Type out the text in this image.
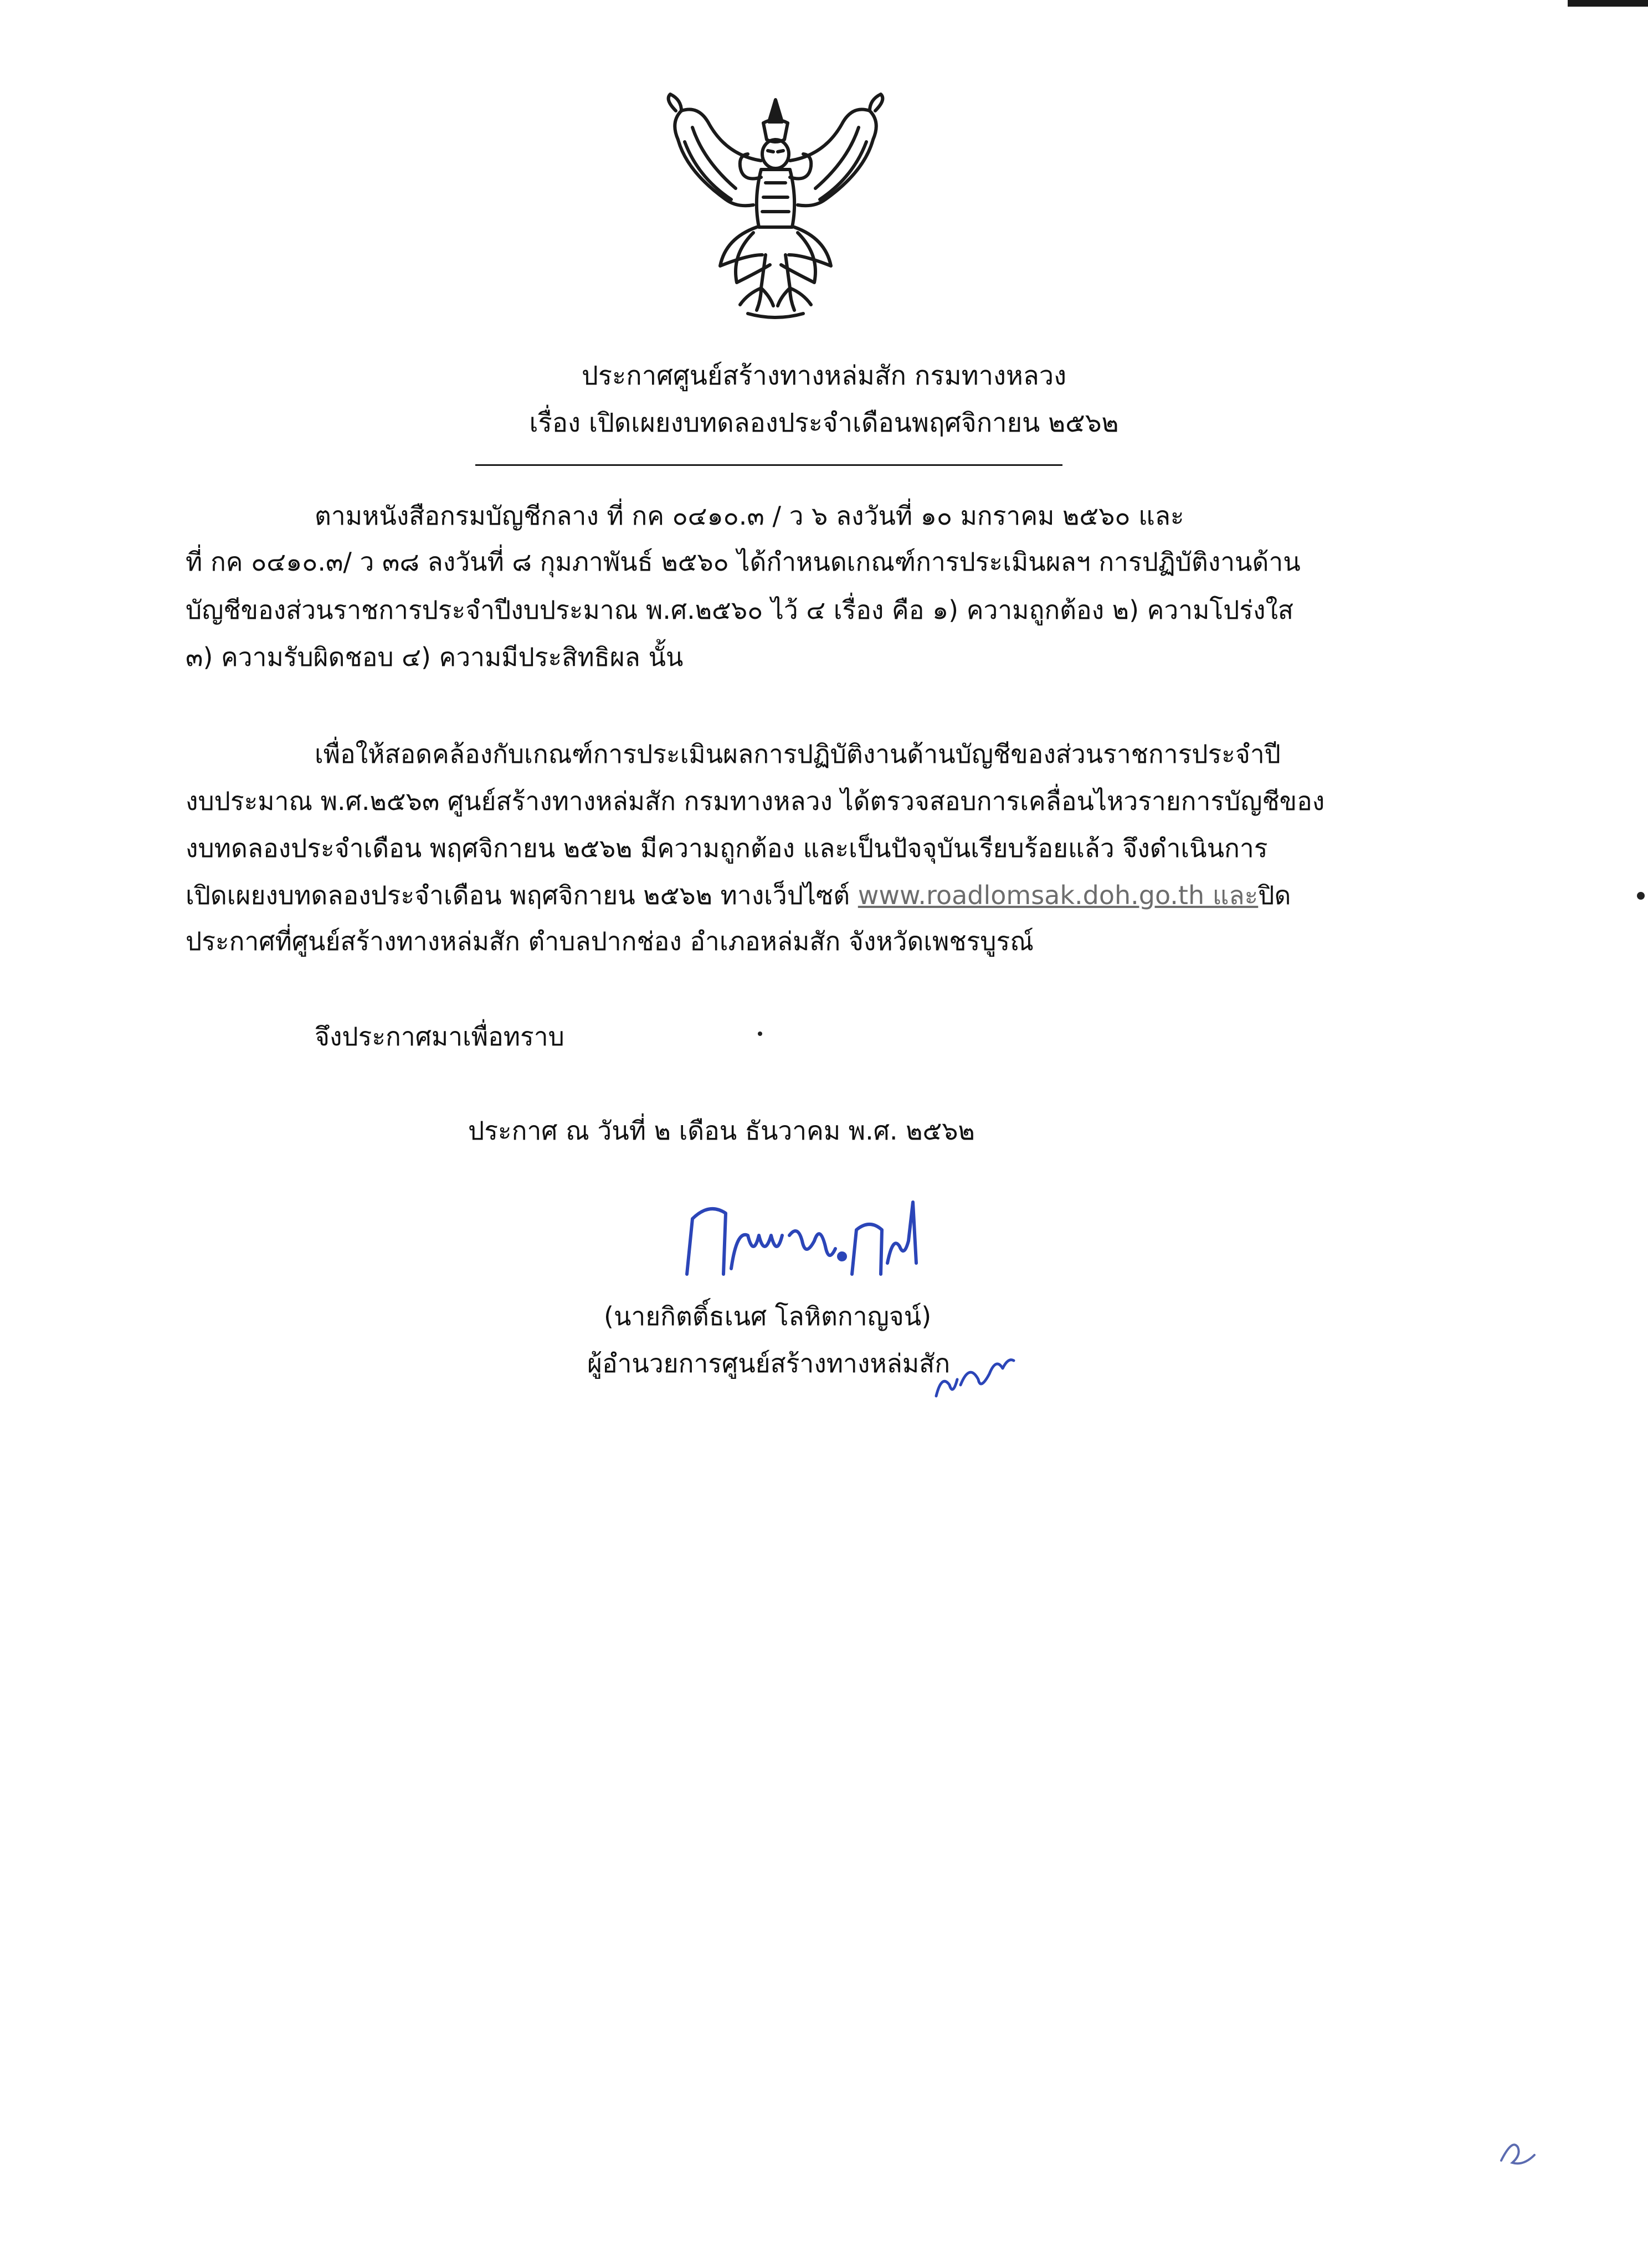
ประกาศศูนย์สร้างทางหล่มสัก กรมทางหลวง
เรื่อง เปิดเผยงบทดลองประจำเดือนพฤศจิกายน ๒๕๖๒
ตามหนังสือกรมบัญชีกลาง ที่ กค ๐๔๑๐.๓ / ว ๖ ลงวันที่ ๑๐ มกราคม ๒๕๖๐ และ
ที่ กค ๐๔๑๐.๓/ ว ๓๘ ลงวันที่ ๘ กุมภาพันธ์ ๒๕๖๐ ได้กำหนดเกณฑ์การประเมินผลฯ การปฏิบัติงานด้าน
บัญชีของส่วนราชการประจำปีงบประมาณ พ.ศ.๒๕๖๐ ไว้ ๔ เรื่อง คือ ๑) ความถูกต้อง ๒) ความโปร่งใส
๓) ความรับผิดชอบ ๔) ความมีประสิทธิผล นั้น
เพื่อให้สอดคล้องกับเกณฑ์การประเมินผลการปฏิบัติงานด้านบัญชีของส่วนราชการประจำปี
งบประมาณ พ.ศ.๒๕๖๓ ศูนย์สร้างทางหล่มสัก กรมทางหลวง ได้ตรวจสอบการเคลื่อนไหวรายการบัญชีของ
งบทดลองประจำเดือน พฤศจิกายน ๒๕๖๒ มีความถูกต้อง และเป็นปัจจุบันเรียบร้อยแล้ว จึงดำเนินการ
เปิดเผยงบทดลองประจำเดือน พฤศจิกายน ๒๕๖๒ ทางเว็ปไซต์ www.roadlomsak.doh.go.th และปิด
ประกาศที่ศูนย์สร้างทางหล่มสัก ตำบลปากช่อง อำเภอหล่มสัก จังหวัดเพชรบูรณ์
จึงประกาศมาเพื่อทราบ
ประกาศ ณ วันที่ ๒ เดือน ธันวาคม พ.ศ. ๒๕๖๒
(นายกิตติ์ธเนศ โลหิตกาญจน์)
ผู้อำนวยการศูนย์สร้างทางหล่มสัก
